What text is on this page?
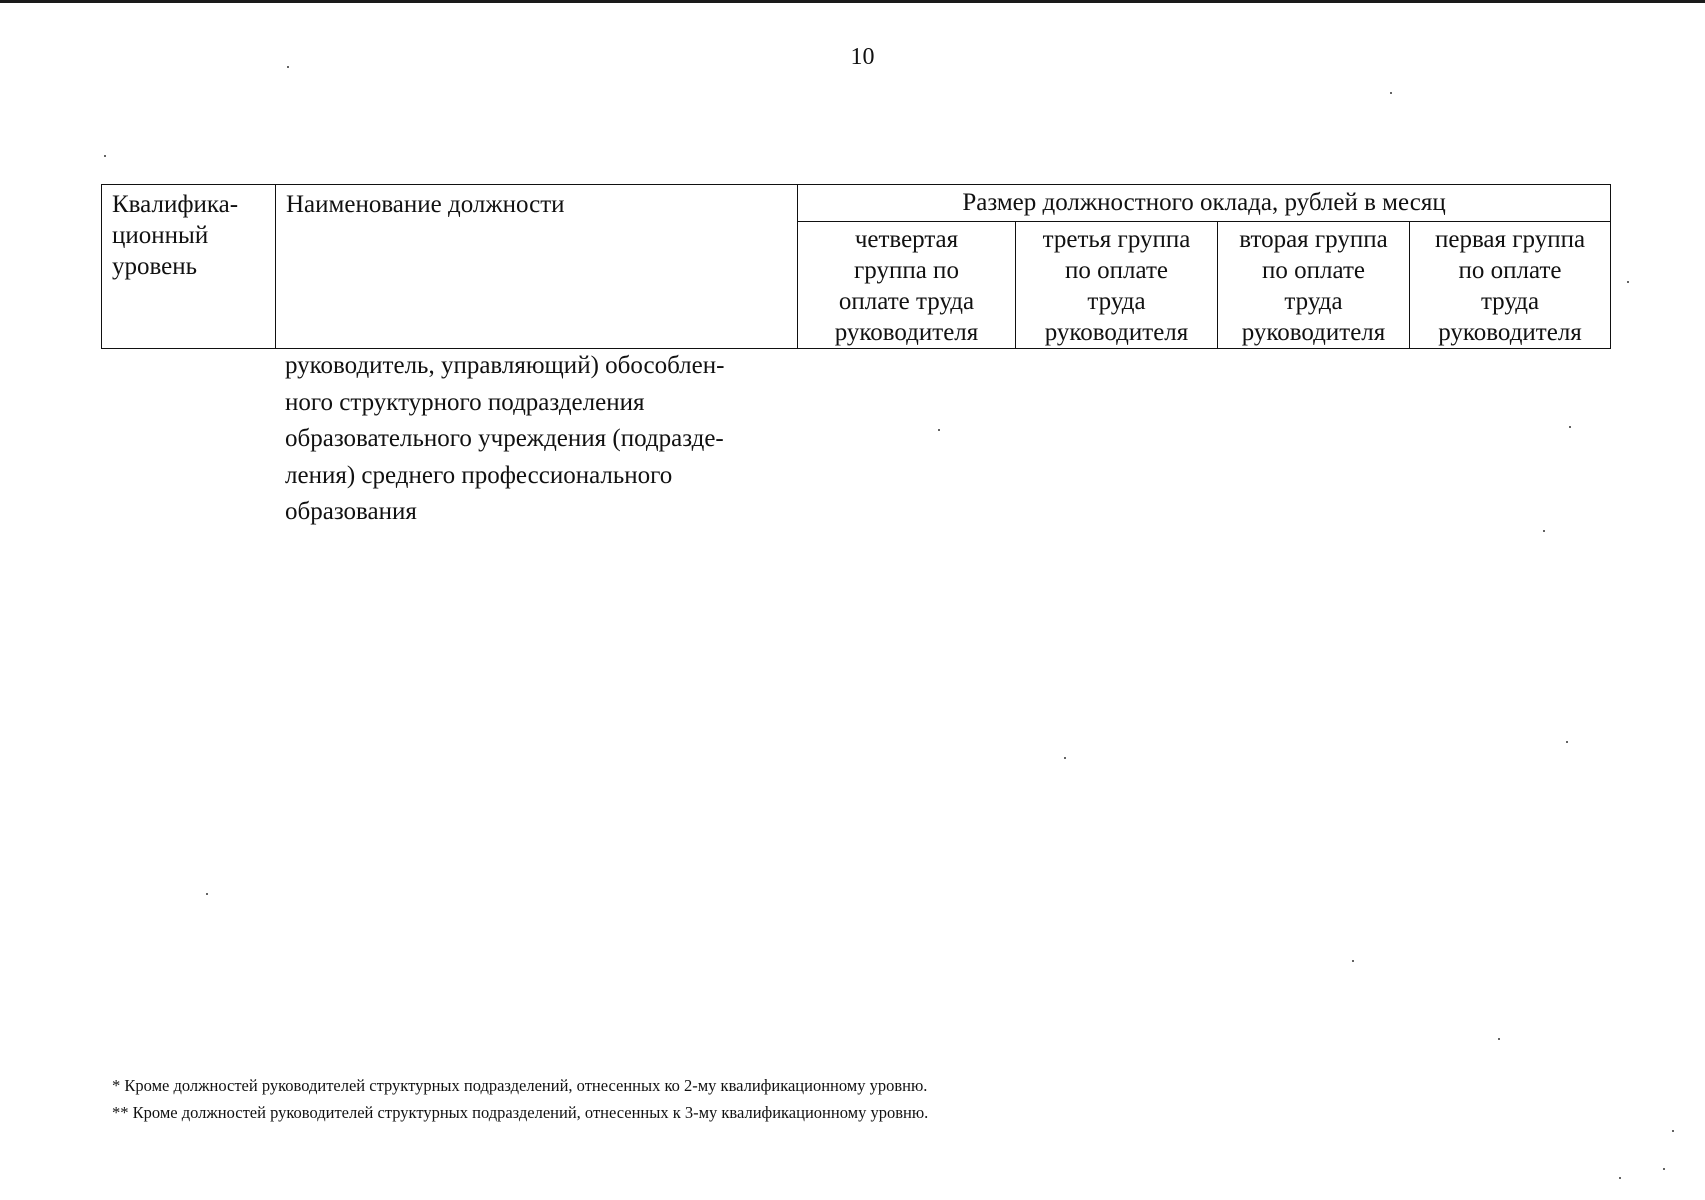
10
Квалифика-
ционный
уровень	Наименование должности	Размер должностного оклада, рублей в месяц			

		четвертая
группа по
оплате труда
руководителя	третья группа
по оплате
труда
руководителя	вторая группа
по оплате
труда
руководителя	первая группа
по оплате
труда
руководителя
руководитель, управляющий) обособлен-
ного структурного подразделения
образовательного учреждения (подразде-
ления) среднего профессионального
образования
* Кроме должностей руководителей структурных подразделений, отнесенных ко 2-му квалификационному уровню.
** Кроме должностей руководителей структурных подразделений, отнесенных к 3-му квалификационному уровню.
